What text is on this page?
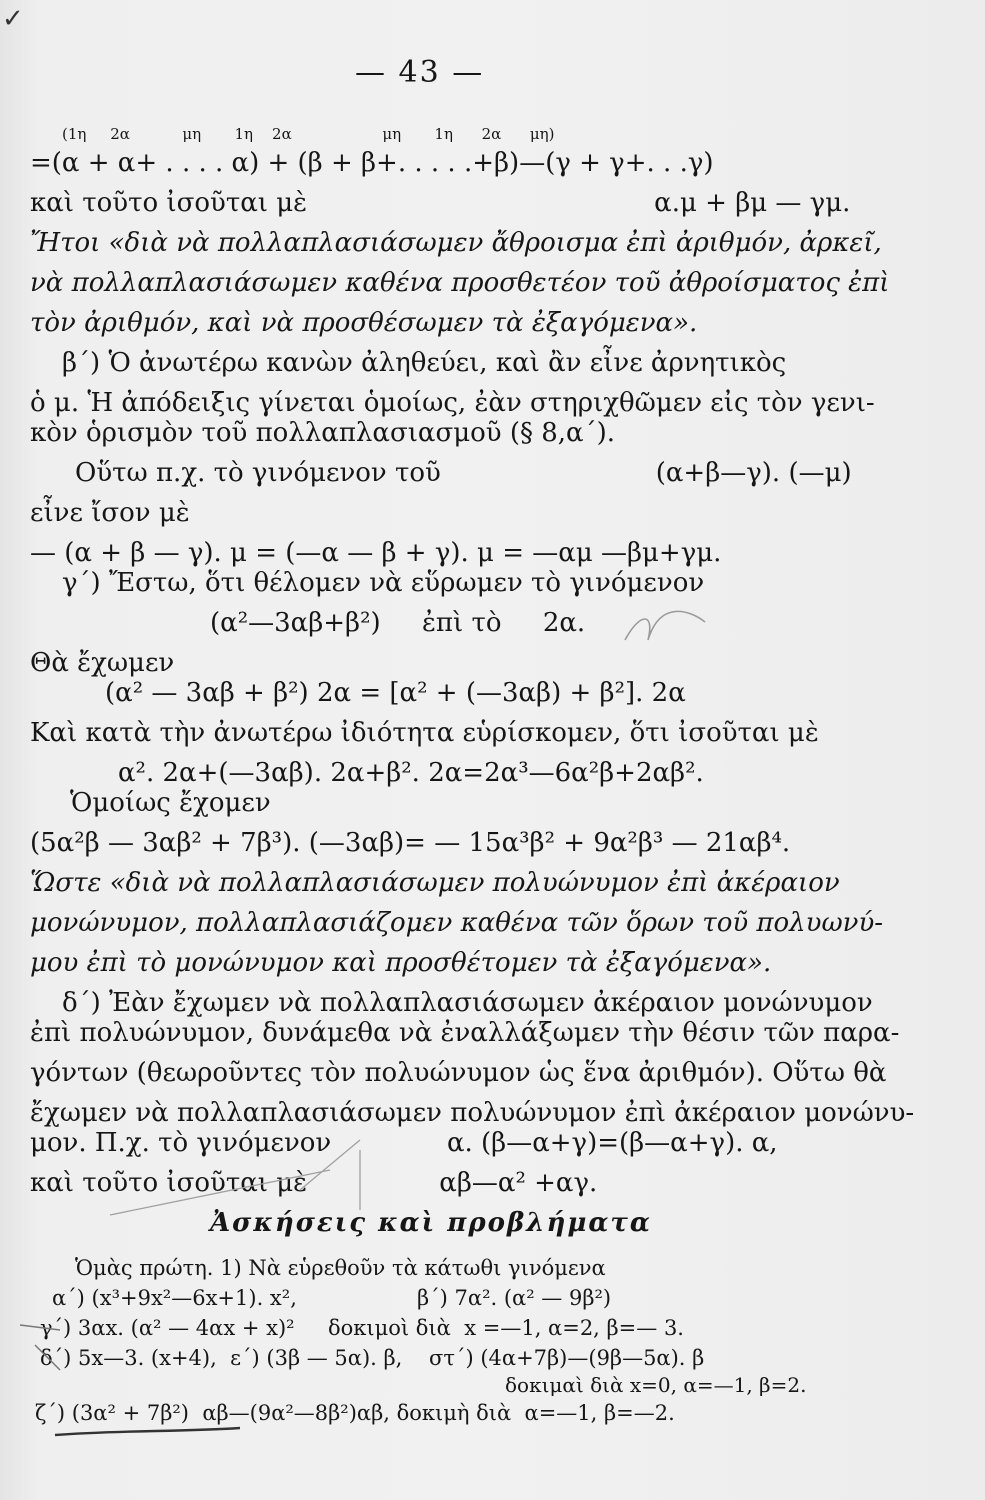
✓
— 43 —
(1η     2α           μη       1η    2α                   μη       1η      2α      μη)
=(α + α+ . . . . α) + (β + β+. . . . .+β)—(γ + γ+. . .γ)
καὶ τοῦτο ἰσοῦται μὲ                                          α.μ + βμ — γμ.
Ἤτοι «διὰ νὰ πολλαπλασιάσωμεν ἄθροισμα ἐπὶ ἀριθμόν, ἀρκεῖ,
νὰ πολλαπλασιάσωμεν καθένα προσθετέον τοῦ ἀθροίσματος ἐπὶ
τὸν ἀριθμόν, καὶ νὰ προσθέσωμεν τὰ ἐξαγόμενα».
β΄) Ὁ ἀνωτέρω κανὼν ἀληθεύει, καὶ ἂν εἶνε ἀρνητικὸς
ὁ μ. Ἡ ἀπόδειξις γίνεται ὁμοίως, ἐὰν στηριχθῶμεν εἰς τὸν γενι-
κὸν ὁρισμὸν τοῦ πολλαπλασιασμοῦ (§ 8,α΄).
Οὕτω π.χ. τὸ γινόμενον τοῦ                          (α+β—γ). (—μ)
εἶνε ἴσον μὲ
— (α + β — γ). μ = (—α — β + γ). μ = —αμ —βμ+γμ.
γ΄) Ἔστω, ὅτι θέλομεν νὰ εὕρωμεν τὸ γινόμενον
(α²—3αβ+β²)     ἐπὶ τὸ     2α.
Θὰ ἔχωμεν
(α² — 3αβ + β²) 2α = [α² + (—3αβ) + β²]. 2α
Καὶ κατὰ τὴν ἀνωτέρω ἰδιότητα εὑρίσκομεν, ὅτι ἰσοῦται μὲ
α². 2α+(—3αβ). 2α+β². 2α=2α³—6α²β+2αβ².
Ὁμοίως ἔχομεν
(5α²β — 3αβ² + 7β³). (—3αβ)= — 15α³β² + 9α²β³ — 21αβ⁴.
Ὥστε «διὰ νὰ πολλαπλασιάσωμεν πολυώνυμον ἐπὶ ἀκέραιον
μονώνυμον, πολλαπλασιάζομεν καθένα τῶν ὅρων τοῦ πολυωνύ-
μου ἐπὶ τὸ μονώνυμον καὶ προσθέτομεν τὰ ἐξαγόμενα».
δ΄) Ἐὰν ἔχωμεν νὰ πολλαπλασιάσωμεν ἀκέραιον μονώνυμον
ἐπὶ πολυώνυμον, δυνάμεθα νὰ ἐναλλάξωμεν τὴν θέσιν τῶν παρα-
γόντων (θεωροῦντες τὸν πολυώνυμον ὡς ἕνα ἀριθμόν). Οὕτω θὰ
ἔχωμεν νὰ πολλαπλασιάσωμεν πολυώνυμον ἐπὶ ἀκέραιον μονώνυ-
μον. Π.χ. τὸ γινόμενον              α. (β—α+γ)=(β—α+γ). α,
καὶ τοῦτο ἰσοῦται μὲ                αβ—α² +αγ.
Ἀσκήσεις καὶ προβλήματα
Ὁμὰς πρώτη. 1) Νὰ εὑρεθοῦν τὰ κάτωθι γινόμενα
α΄) (x³+9x²—6x+1). x²,                  β΄) 7α². (α² — 9β²)
γ΄) 3αx. (α² — 4αx + x)²     δοκιμοὶ διὰ  x =—1, α=2, β=— 3.
δ΄) 5x—3. (x+4),  ε΄) (3β — 5α). β,    στ΄) (4α+7β)—(9β—5α). β
δοκιμαὶ διὰ x=0, α=—1, β=2.
ζ΄) (3α² + 7β²)  αβ—(9α²—8β²)αβ, δοκιμὴ διὰ  α=—1, β=—2.
